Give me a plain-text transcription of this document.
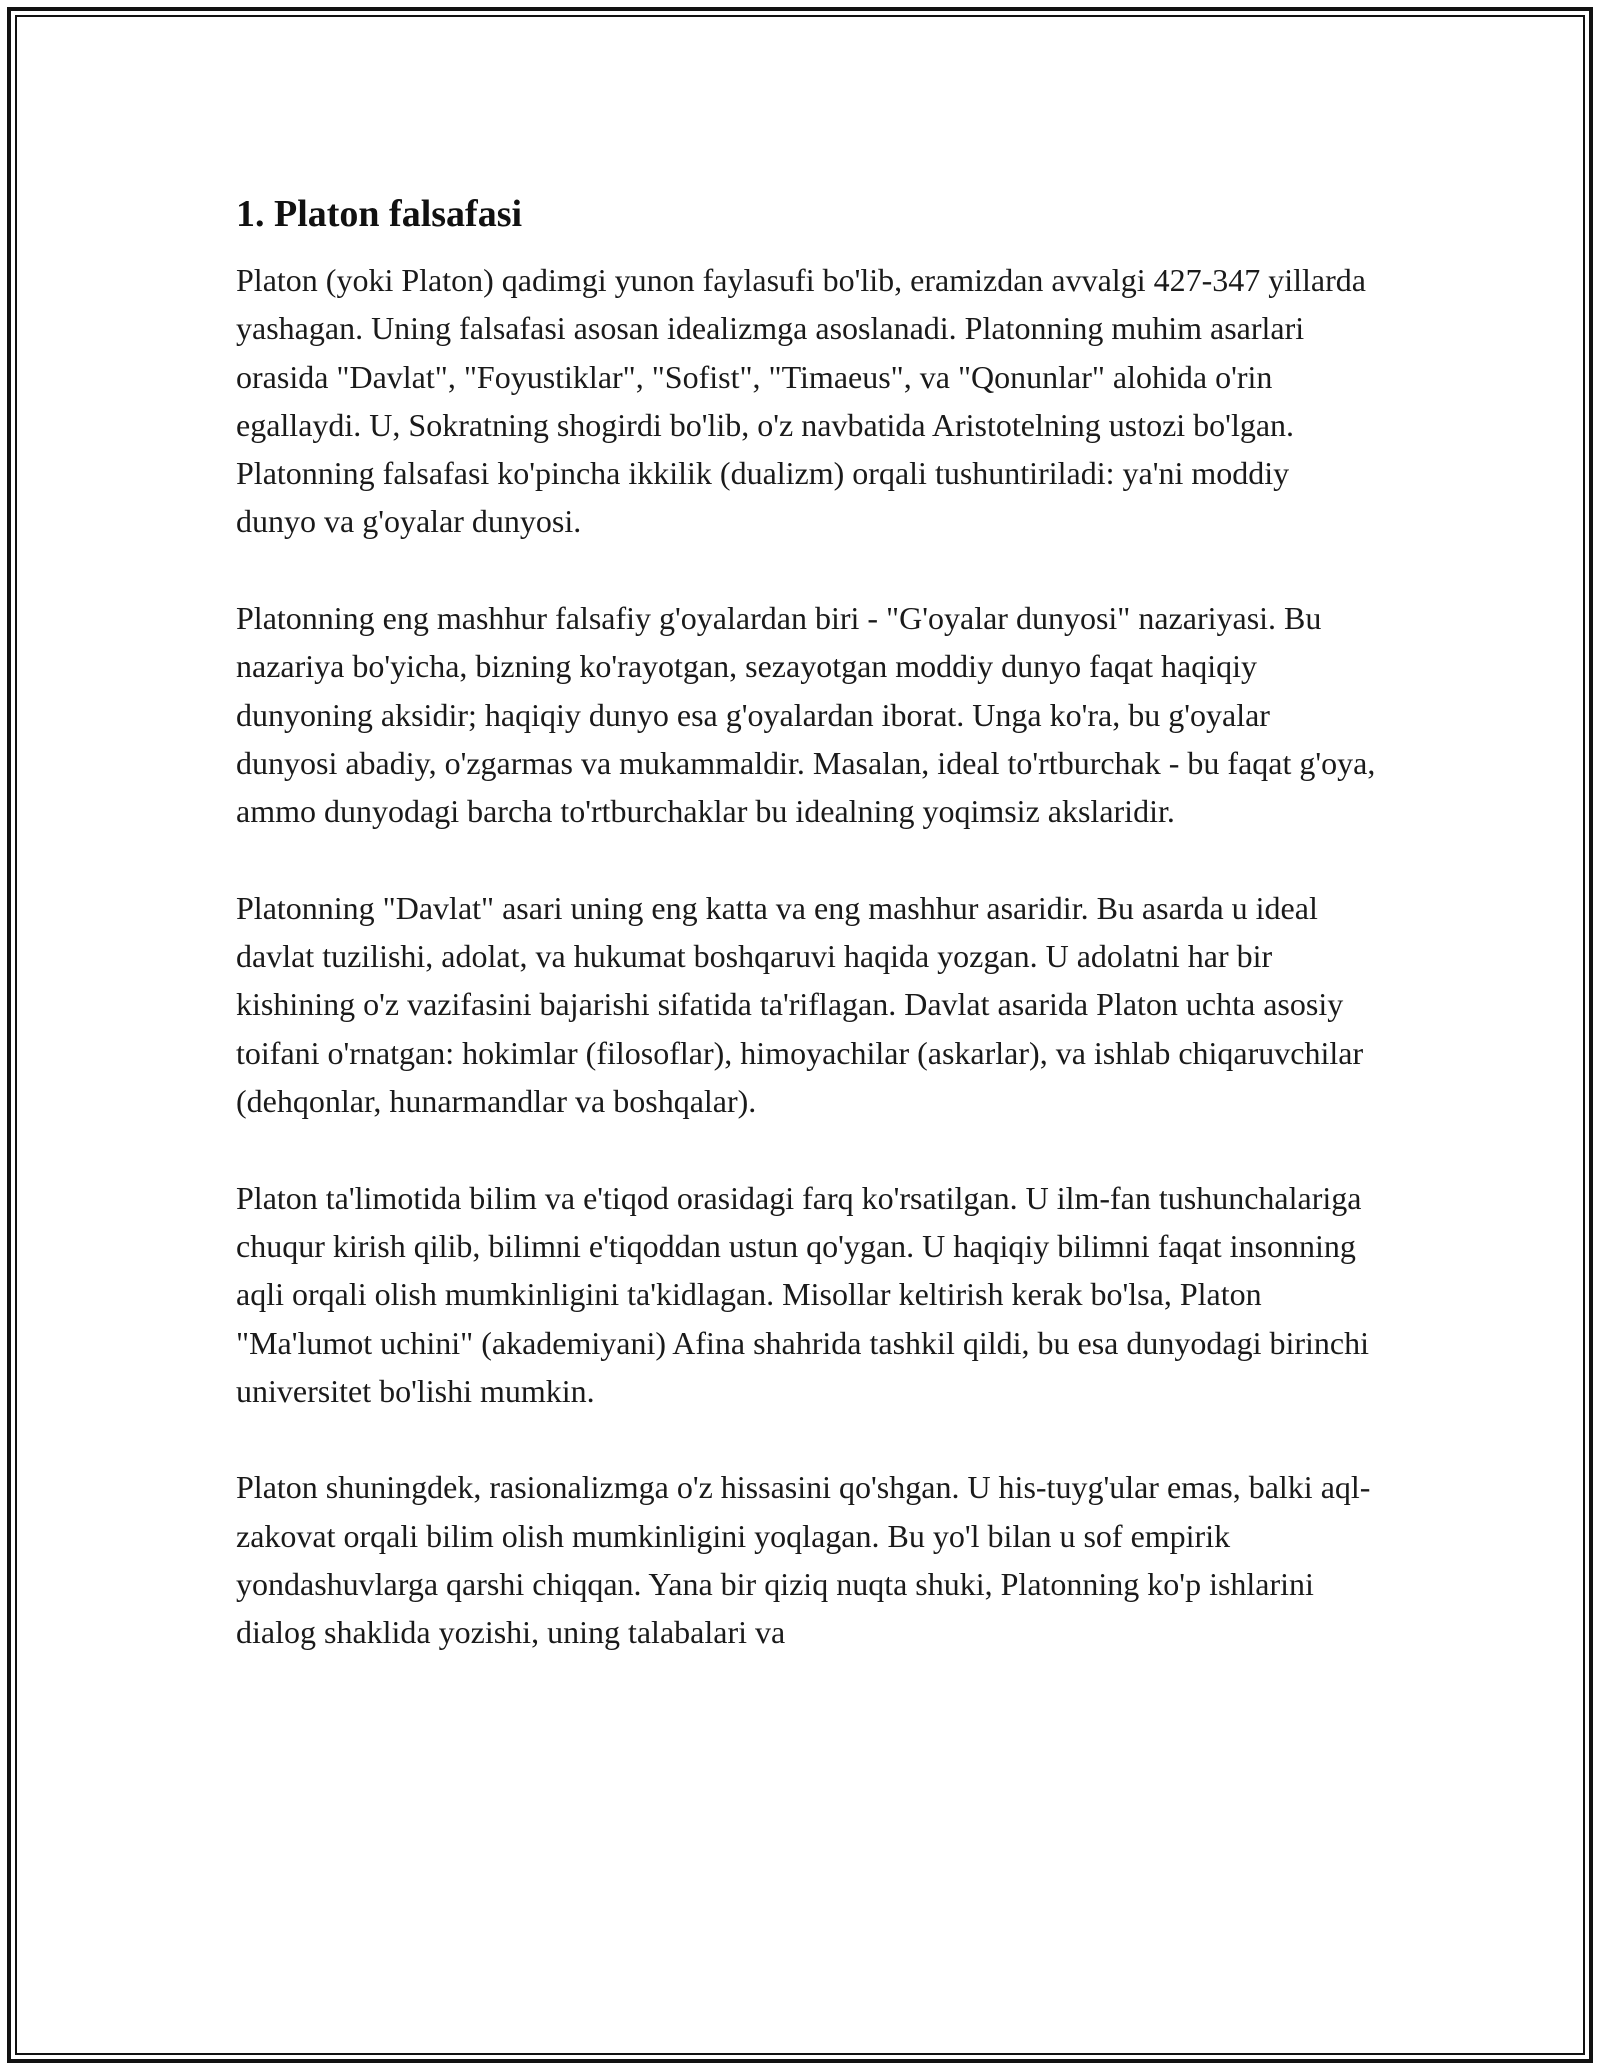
1. Platon falsafasi

Platon (yoki Platon) qadimgi yunon faylasufi bo'lib, eramizdan avvalgi 427-347 yillarda yashagan. Uning falsafasi asosan idealizmga asoslanadi. Platonning muhim asarlari orasida "Davlat", "Foyustiklar", "Sofist", "Timaeus", va "Qonunlar" alohida o'rin egallaydi. U, Sokratning shogirdi bo'lib, o'z navbatida Aristotelning ustozi bo'lgan. Platonning falsafasi ko'pincha ikkilik (dualizm) orqali tushuntiriladi: ya'ni moddiy dunyo va g'oyalar dunyosi.

Platonning eng mashhur falsafiy g'oyalardan biri - "G'oyalar dunyosi" nazariyasi. Bu nazariya bo'yicha, bizning ko'rayotgan, sezayotgan moddiy dunyo faqat haqiqiy dunyoning aksidir; haqiqiy dunyo esa g'oyalardan iborat. Unga ko'ra, bu g'oyalar dunyosi abadiy, o'zgarmas va mukammaldir. Masalan, ideal to'rtburchak - bu faqat g'oya, ammo dunyodagi barcha to'rtburchaklar bu idealning yoqimsiz akslaridir.

Platonning "Davlat" asari uning eng katta va eng mashhur asaridir. Bu asarda u ideal davlat tuzilishi, adolat, va hukumat boshqaruvi haqida yozgan. U adolatni har bir kishining o'z vazifasini bajarishi sifatida ta'riflagan. Davlat asarida Platon uchta asosiy toifani o'rnatgan: hokimlar (filosoflar), himoyachilar (askarlar), va ishlab chiqaruvchilar (dehqonlar, hunarmandlar va boshqalar).

Platon ta'limotida bilim va e'tiqod orasidagi farq ko'rsatilgan. U ilm-fan tushunchalariga chuqur kirish qilib, bilimni e'tiqoddan ustun qo'ygan. U haqiqiy bilimni faqat insonning aqli orqali olish mumkinligini ta'kidlagan. Misollar keltirish kerak bo'lsa, Platon "Ma'lumot uchini" (akademiyani) Afina shahrida tashkil qildi, bu esa dunyodagi birinchi universitet bo'lishi mumkin.

Platon shuningdek, rasionalizmga o'z hissasini qo'shgan. U his-tuyg'ular emas, balki aql-zakovat orqali bilim olish mumkinligini yoqlagan. Bu yo'l bilan u sof empirik yondashuvlarga qarshi chiqqan. Yana bir qiziq nuqta shuki, Platonning ko'p ishlarini dialog shaklida yozishi, uning talabalari va
